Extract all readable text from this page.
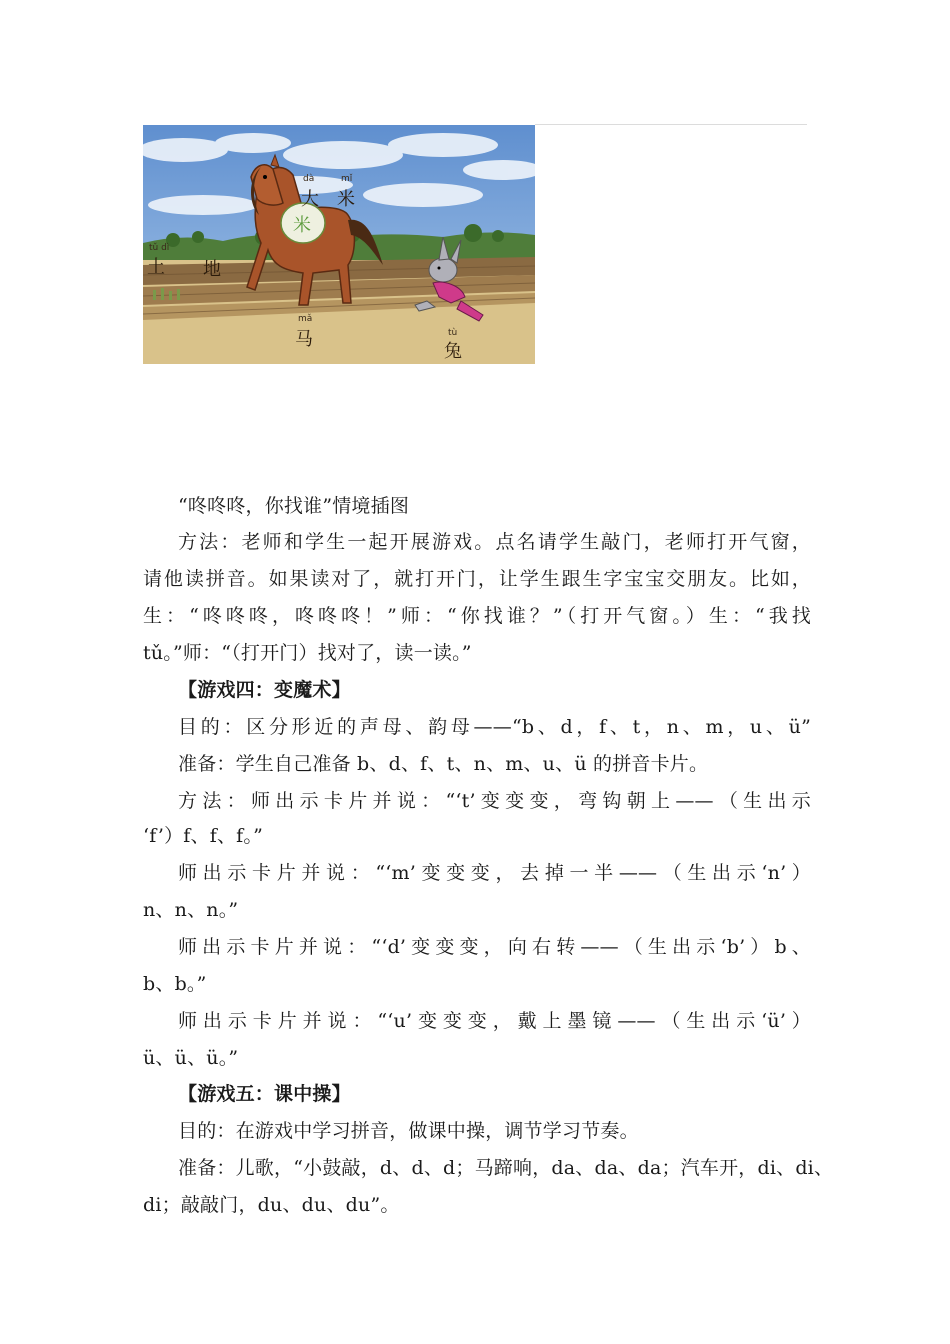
米
dà
大
mǐ
米
tǔ dì
土 地
mǎ
马	tù
兔
“咚咚咚，你找谁”情境插图
方法：老师和学生一起开展游戏。点名请学生敲门，老师打开气窗，
请他读拼音。如果读对了，就打开门，让学生跟生字宝宝交朋友。比如，
生：“咚咚咚，咚咚咚！”师：“你找谁？”（打开气窗。）生：“我找
tǔ。”师：“（打开门）找对了，读一读。”
【游戏四：变魔术】
目的：区分形近的声母、韵母——“b、d，f、t，n、m，u、ü”
准备：学生自己准备 b、d、f、t、n、m、u、ü 的拼音卡片。
方法：师出示卡片并说：“‘t’变变变，弯钩朝上——（生出示
‘f’）f、f、f。”
师出示卡片并说：“‘m’变变变，去掉一半——（生出示‘n’）
n、n、n。”
师出示卡片并说：“‘d’变变变，向右转——（生出示‘b’）b、
b、b。”
师出示卡片并说：“‘u’变变变，戴上墨镜——（生出示‘ü’）
ü、ü、ü。”
【游戏五：课中操】
目的：在游戏中学习拼音，做课中操，调节学习节奏。
准备：儿歌，“小鼓敲，d、d、d；马蹄响，da、da、da；汽车开，di、di、
di；敲敲门，du、du、du”。
